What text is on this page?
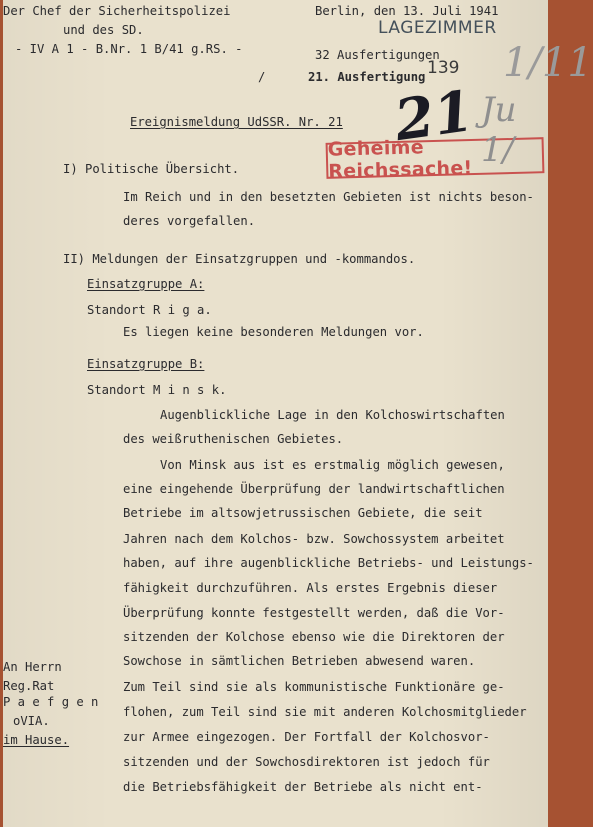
Der Chef der Sicherheitspolizei
und des SD.
- IV A 1 - B.Nr. 1 B/41 g.RS. -
Berlin, den 13. Juli 1941
32 Ausfertigungen
/	21. Ausfertigung
LAGEZIMMER
139
Geheime Reichssache!
21
1/11
Ju 1/
Ereignismeldung UdSSR. Nr. 21
I) Politische Übersicht.
Im Reich und in den besetzten Gebieten ist nichts beson-
deres vorgefallen.
II) Meldungen der Einsatzgruppen und -kommandos.
Einsatzgruppe A:
Standort R i g a.
Es liegen keine besonderen Meldungen vor.
Einsatzgruppe B:
Standort M i n s k.
Augenblickliche Lage in den Kolchoswirtschaften
des weißruthenischen Gebietes.
Von Minsk aus ist es erstmalig möglich gewesen,
eine eingehende Überprüfung der landwirtschaftlichen
Betriebe im altsowjetrussischen Gebiete, die seit
Jahren nach dem Kolchos- bzw. Sowchossystem arbeitet
haben, auf ihre augenblickliche Betriebs- und Leistungs-
fähigkeit durchzuführen. Als erstes Ergebnis dieser
Überprüfung konnte festgestellt werden, daß die Vor-
sitzenden der Kolchose ebenso wie die Direktoren der
Sowchose in sämtlichen Betrieben abwesend waren.
Zum Teil sind sie als kommunistische Funktionäre ge-
flohen, zum Teil sind sie mit anderen Kolchosmitglieder
zur Armee eingezogen. Der Fortfall der Kolchosvor-
sitzenden und der Sowchosdirektoren ist jedoch für
die Betriebsfähigkeit der Betriebe als nicht ent-
An Herrn
Reg.Rat
P a e f g e n
oVIA.
im Hause.
